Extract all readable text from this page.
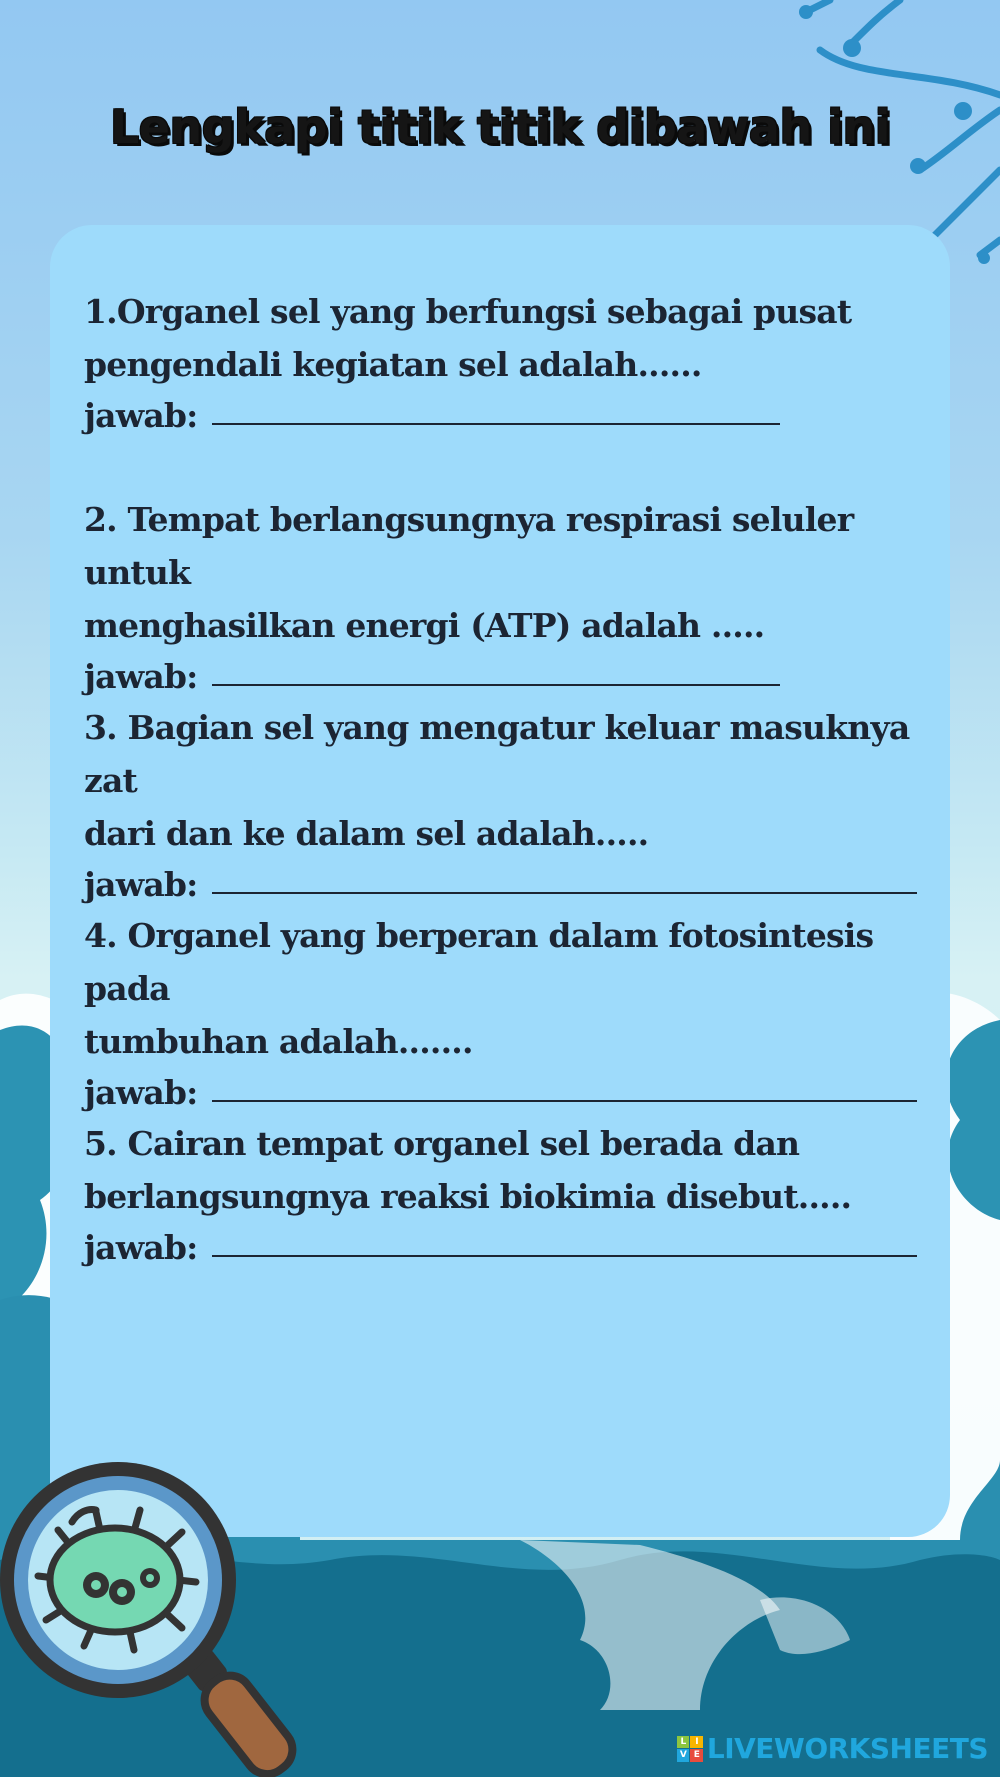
Lengkapi titik titik dibawah ini
1.Organel sel yang berfungsi sebagai pusat
pengendali kegiatan sel adalah......
jawab:
2. Tempat berlangsungnya respirasi seluler untuk
menghasilkan energi (ATP) adalah .....
jawab:
3. Bagian sel yang mengatur keluar masuknya zat
dari dan ke dalam sel adalah.....
jawab:
4. Organel yang berperan dalam fotosintesis pada
tumbuhan adalah.......
jawab:
5. Cairan tempat organel sel berada dan
berlangsungnya reaksi biokimia disebut.....
jawab:
L	I
V E LIVEWORKSHEETS
